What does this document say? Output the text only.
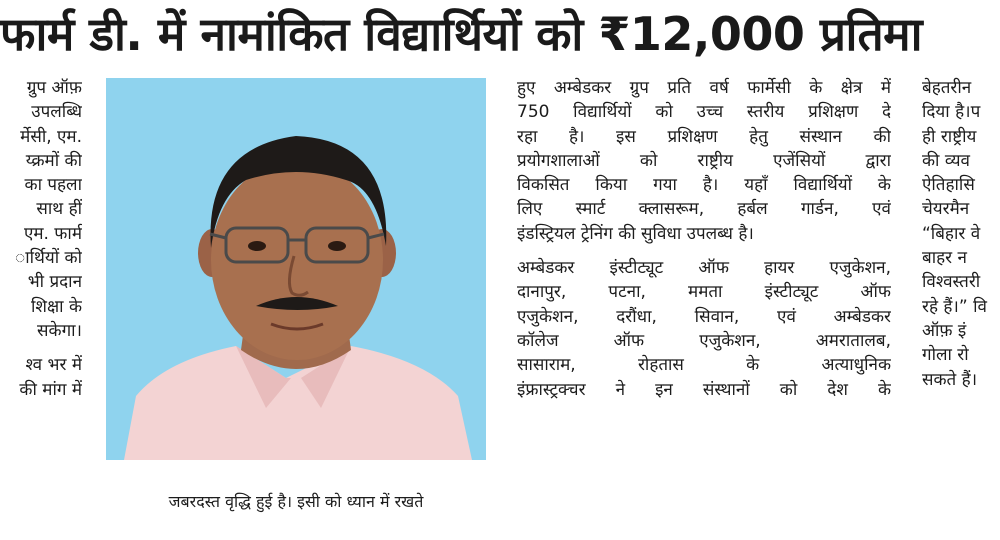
फार्म डी. में नामांकित विद्यार्थियों को ₹12,000 प्रतिमा
ग्रुप ऑफ़
उपलब्धि
र्मेसी, एम.
य्क्रमों की
का पहला
साथ हीं
एम. फार्म
ार्थियों को
भी प्रदान
शिक्षा के
सकेगा।
श्व भर में
की मांग में
जबरदस्त वृद्धि हुई है। इसी को ध्यान में रखते
हुए अम्बेडकर ग्रुप प्रति वर्ष फार्मेसी के क्षेत्र में
750 विद्यार्थियों को उच्च स्तरीय प्रशिक्षण दे
रहा है। इस प्रशिक्षण हेतु संस्थान की
प्रयोगशालाओं को राष्ट्रीय एजेंसियों द्वारा
विकसित किया गया है। यहाँ विद्यार्थियों के
लिए स्मार्ट क्लासरूम, हर्बल गार्डन, एवं
इंडस्ट्रियल ट्रेनिंग की सुविधा उपलब्ध है।
अम्बेडकर इंस्टीट्यूट ऑफ हायर एजुकेशन,
दानापुर, पटना, ममता इंस्टीट्यूट ऑफ
एजुकेशन, दरौंधा, सिवान, एवं अम्बेडकर
कॉलेज ऑफ एजुकेशन, अमरातालब,
सासाराम, रोहतास के अत्याधुनिक
इंफ्रास्ट्रक्चर ने इन संस्थानों को देश के
बेहतरीन
दिया है।प
ही राष्ट्रीय
की व्यव
ऐतिहासि
चेयरमैन
“बिहार वे
बाहर न
विश्वस्तरी
रहे हैं।” वि
ऑफ़ इं
गोला रो
सकते हैं।
